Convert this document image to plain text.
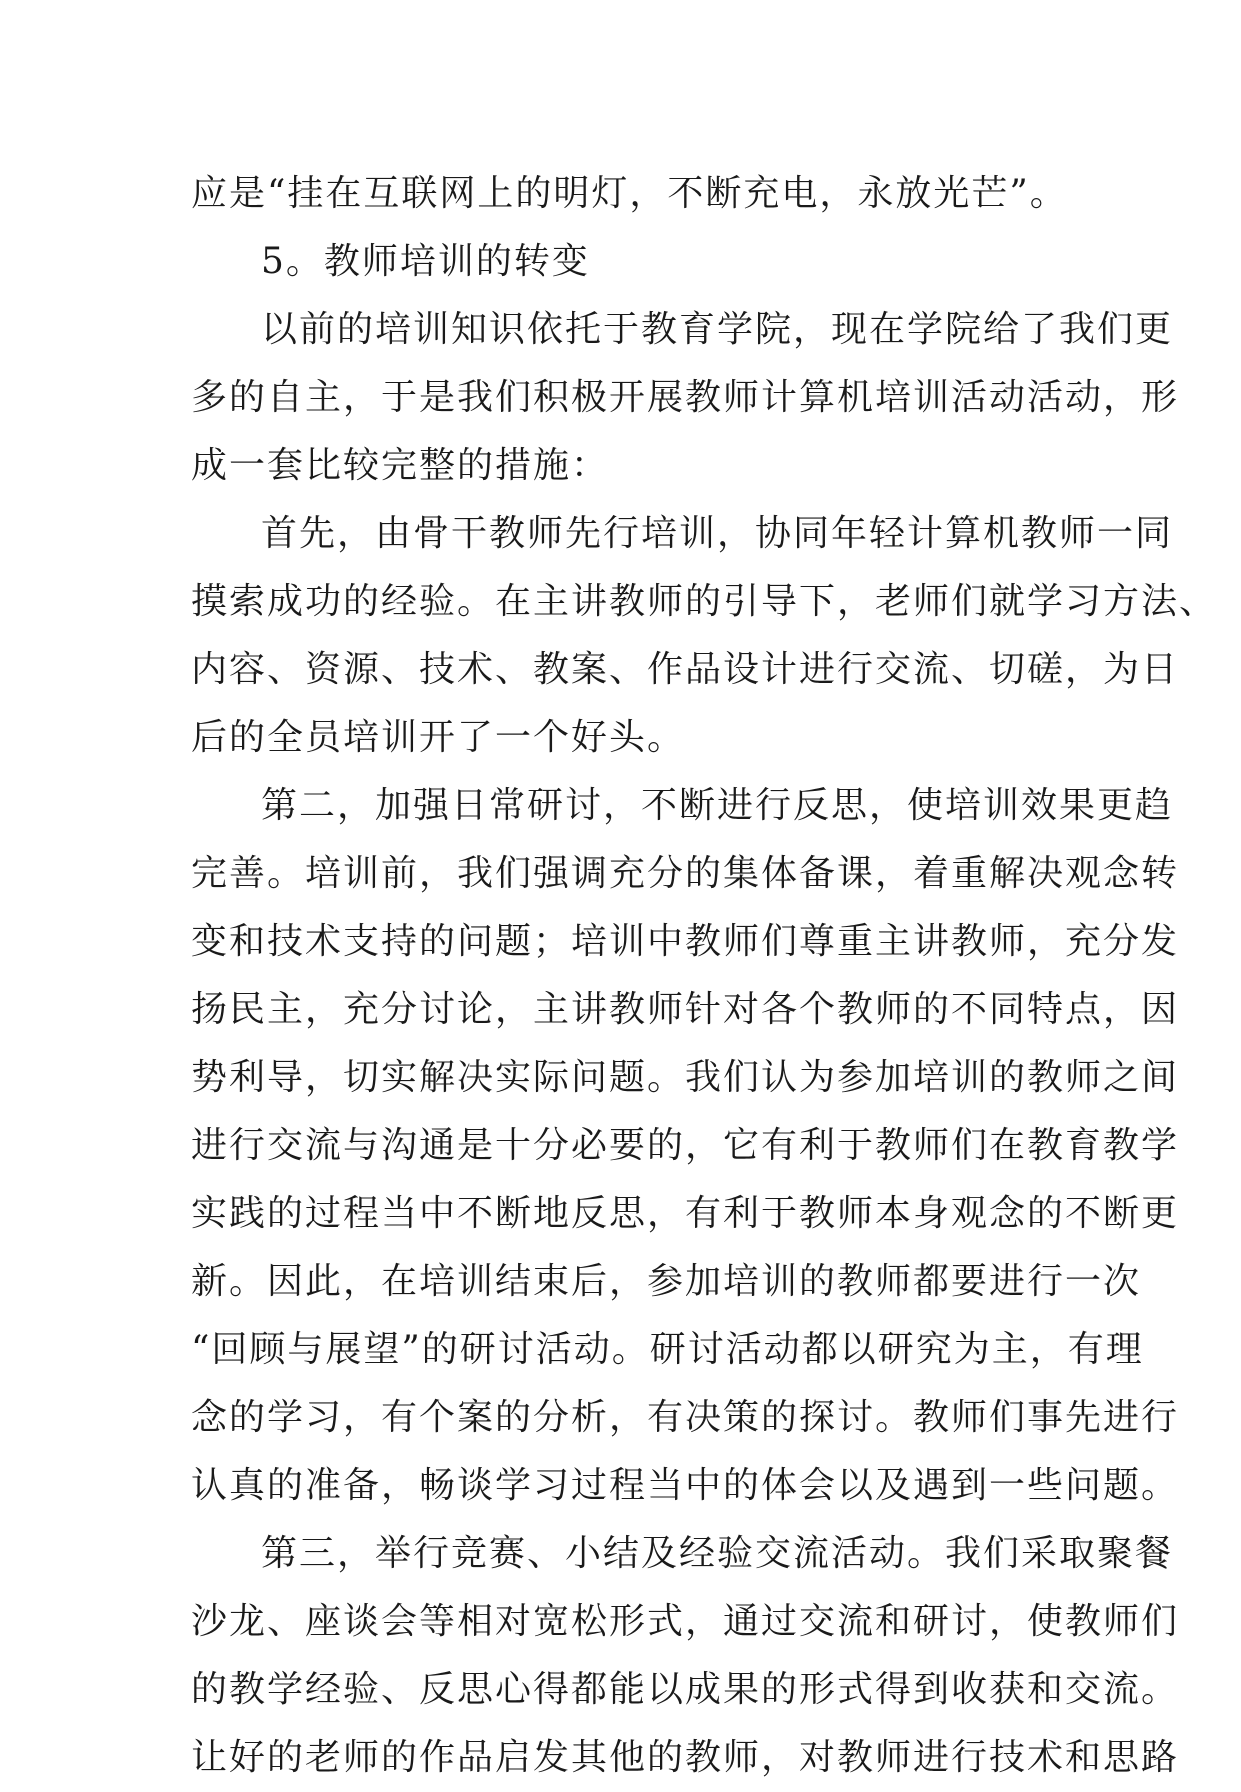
应是“挂在互联网上的明灯，不断充电，永放光芒”。
5。教师培训的转变
以前的培训知识依托于教育学院，现在学院给了我们更
多的自主，于是我们积极开展教师计算机培训活动活动，形
成一套比较完整的措施：
首先，由骨干教师先行培训，协同年轻计算机教师一同
摸索成功的经验。在主讲教师的引导下，老师们就学习方法、
内容、资源、技术、教案、作品设计进行交流、切磋，为日
后的全员培训开了一个好头。
第二，加强日常研讨，不断进行反思，使培训效果更趋
完善。培训前，我们强调充分的集体备课，着重解决观念转
变和技术支持的问题；培训中教师们尊重主讲教师，充分发
扬民主，充分讨论，主讲教师针对各个教师的不同特点，因
势利导，切实解决实际问题。我们认为参加培训的教师之间
进行交流与沟通是十分必要的，它有利于教师们在教育教学
实践的过程当中不断地反思，有利于教师本身观念的不断更
新。因此，在培训结束后，参加培训的教师都要进行一次
“回顾与展望”的研讨活动。研讨活动都以研究为主，有理
念的学习，有个案的分析，有决策的探讨。教师们事先进行
认真的准备，畅谈学习过程当中的体会以及遇到一些问题。
第三，举行竞赛、小结及经验交流活动。我们采取聚餐
沙龙、座谈会等相对宽松形式，通过交流和研讨，使教师们
的教学经验、反思心得都能以成果的形式得到收获和交流。
让好的老师的作品启发其他的教师，对教师进行技术和思路
